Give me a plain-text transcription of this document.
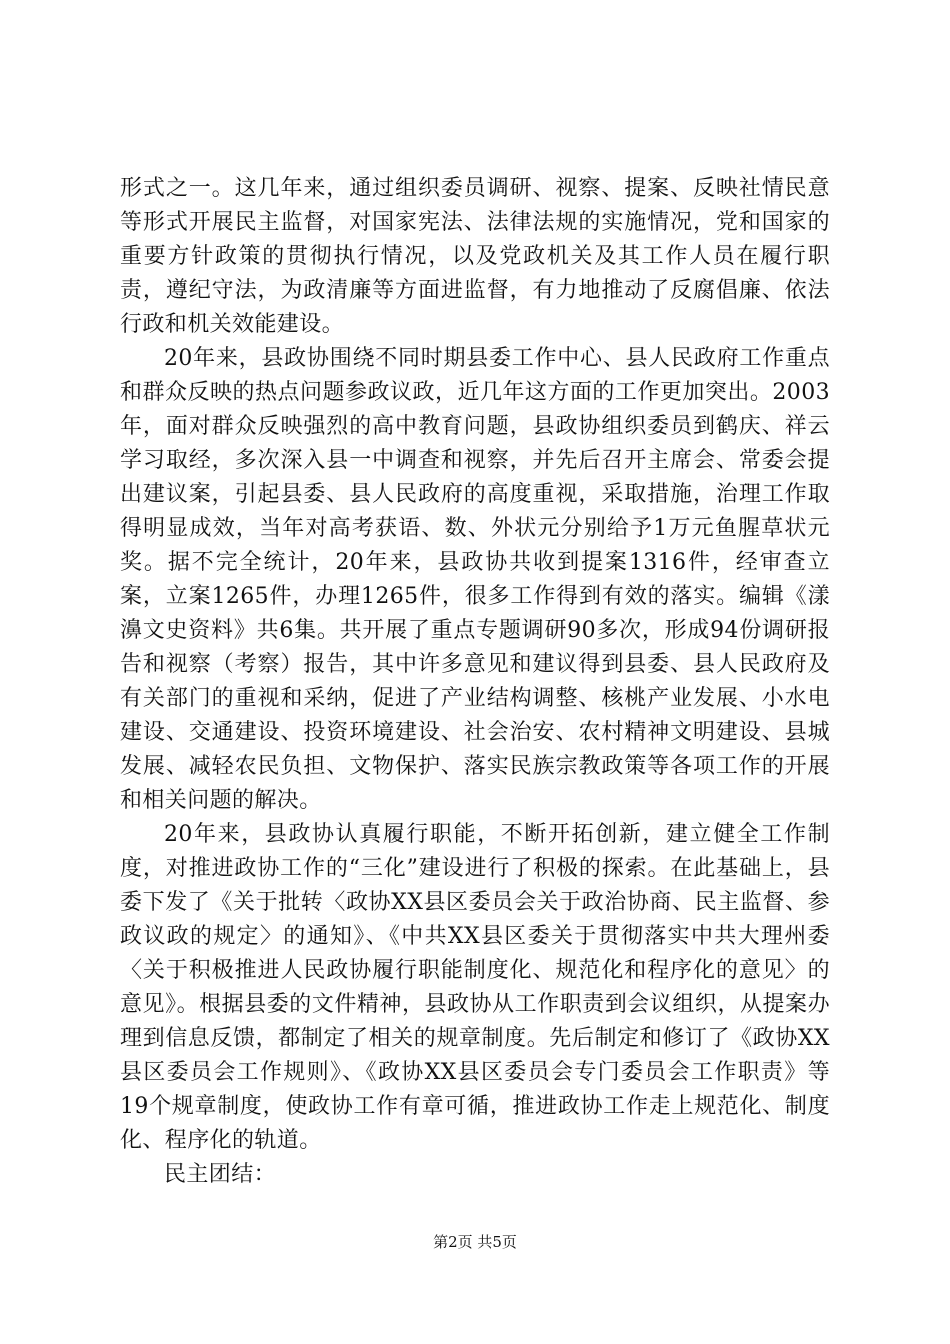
形式之一。这几年来，通过组织委员调研、视察、提案、反映社情民意等形式开展民主监督，对国家宪法、法律法规的实施情况，党和国家的重要方针政策的贯彻执行情况，以及党政机关及其工作人员在履行职责，遵纪守法，为政清廉等方面进监督，有力地推动了反腐倡廉、依法行政和机关效能建设。

20年来，县政协围绕不同时期县委工作中心、县人民政府工作重点和群众反映的热点问题参政议政，近几年这方面的工作更加突出。2003年，面对群众反映强烈的高中教育问题，县政协组织委员到鹤庆、祥云学习取经，多次深入县一中调查和视察，并先后召开主席会、常委会提出建议案，引起县委、县人民政府的高度重视，采取措施，治理工作取得明显成效，当年对高考获语、数、外状元分别给予1万元鱼腥草状元奖。据不完全统计，20年来，县政协共收到提案1316件，经审查立案，立案1265件，办理1265件，很多工作得到有效的落实。编辑《漾濞文史资料》共6集。共开展了重点专题调研90多次，形成94份调研报告和视察（考察）报告，其中许多意见和建议得到县委、县人民政府及有关部门的重视和采纳，促进了产业结构调整、核桃产业发展、小水电建设、交通建设、投资环境建设、社会治安、农村精神文明建设、县城发展、减轻农民负担、文物保护、落实民族宗教政策等各项工作的开展和相关问题的解决。

20年来，县政协认真履行职能，不断开拓创新，建立健全工作制度，对推进政协工作的“三化”建设进行了积极的探索。在此基础上，县委下发了《关于批转〈政协XX县区委员会关于政治协商、民主监督、参政议政的规定〉的通知》、《中共XX县区委关于贯彻落实中共大理州委〈关于积极推进人民政协履行职能制度化、规范化和程序化的意见〉的意见》。根据县委的文件精神，县政协从工作职责到会议组织，从提案办理到信息反馈，都制定了相关的规章制度。先后制定和修订了《政协XX县区委员会工作规则》、《政协XX县区委员会专门委员会工作职责》等19个规章制度，使政协工作有章可循，推进政协工作走上规范化、制度化、程序化的轨道。

民主团结：

第2页 共5页
